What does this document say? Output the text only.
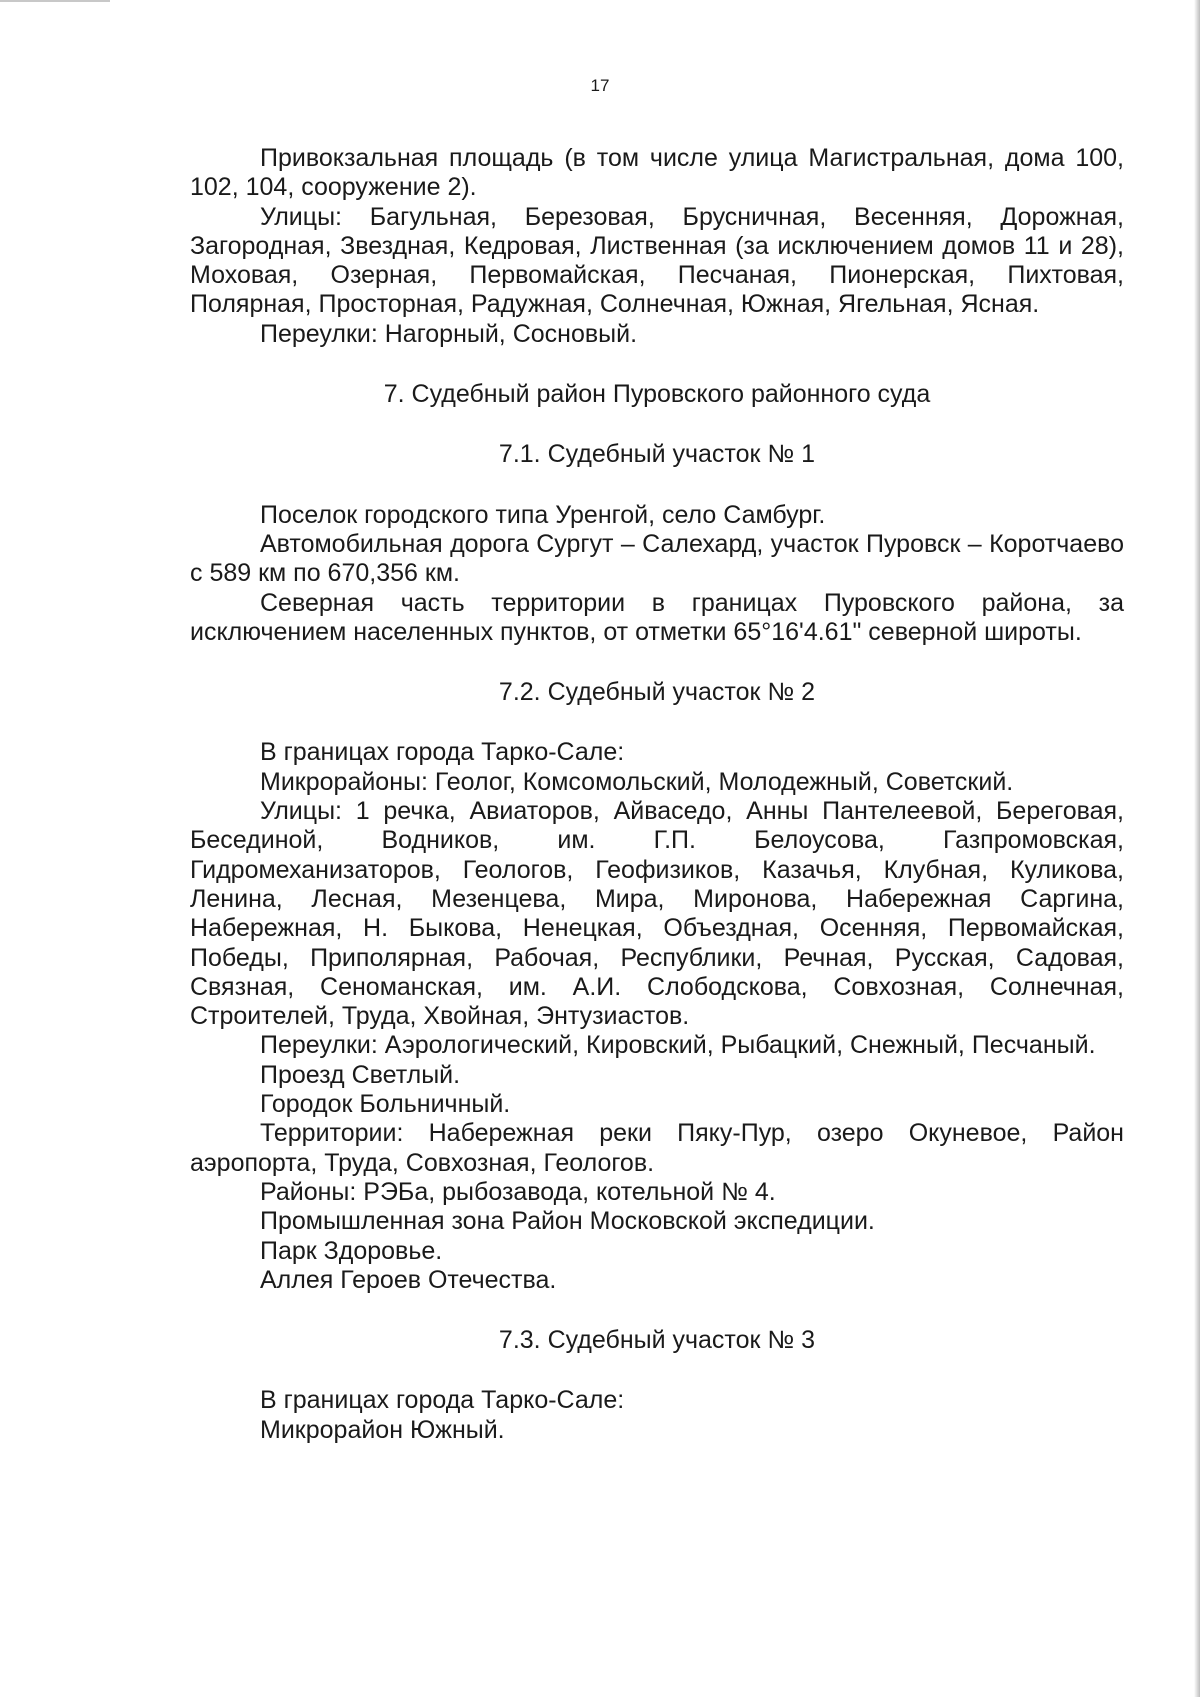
17

Привокзальная площадь (в том числе улица Магистральная, дома 100, 102, 104, сооружение 2).

Улицы: Багульная, Березовая, Брусничная, Весенняя, Дорожная, Загородная, Звездная, Кедровая, Лиственная (за исключением домов 11 и 28), Моховая, Озерная, Первомайская, Песчаная, Пионерская, Пихтовая, Полярная, Просторная, Радужная, Солнечная, Южная, Ягельная, Ясная.

Переулки: Нагорный, Сосновый.

7. Судебный район Пуровского районного суда

7.1. Судебный участок № 1

Поселок городского типа Уренгой, село Самбург.

Автомобильная дорога Сургут – Салехард, участок Пуровск – Коротчаево с 589 км по 670,356 км.

Северная часть территории в границах Пуровского района, за исключением населенных пунктов, от отметки 65°16'4.61" северной широты.

7.2. Судебный участок № 2

В границах города Тарко-Сале:

Микрорайоны: Геолог, Комсомольский, Молодежный, Советский.

Улицы: 1 речка, Авиаторов, Айваседо, Анны Пантелеевой, Береговая, Бесединой, Водников, им. Г.П. Белоусова, Газпромовская, Гидромеханизаторов, Геологов, Геофизиков, Казачья, Клубная, Куликова, Ленина, Лесная, Мезенцева, Мира, Миронова, Набережная Саргина, Набережная, Н. Быкова, Ненецкая, Объездная, Осенняя, Первомайская, Победы, Приполярная, Рабочая, Республики, Речная, Русская, Садовая, Связная, Сеноманская, им. А.И. Слободскова, Совхозная, Солнечная, Строителей, Труда, Хвойная, Энтузиастов.

Переулки: Аэрологический, Кировский, Рыбацкий, Снежный, Песчаный.

Проезд Светлый.

Городок Больничный.

Территории: Набережная реки Пяку-Пур, озеро Окуневое, Район аэропорта, Труда, Совхозная, Геологов.

Районы: РЭБа, рыбозавода, котельной № 4.

Промышленная зона Район Московской экспедиции.

Парк Здоровье.

Аллея Героев Отечества.

7.3. Судебный участок № 3

В границах города Тарко-Сале:

Микрорайон Южный.
